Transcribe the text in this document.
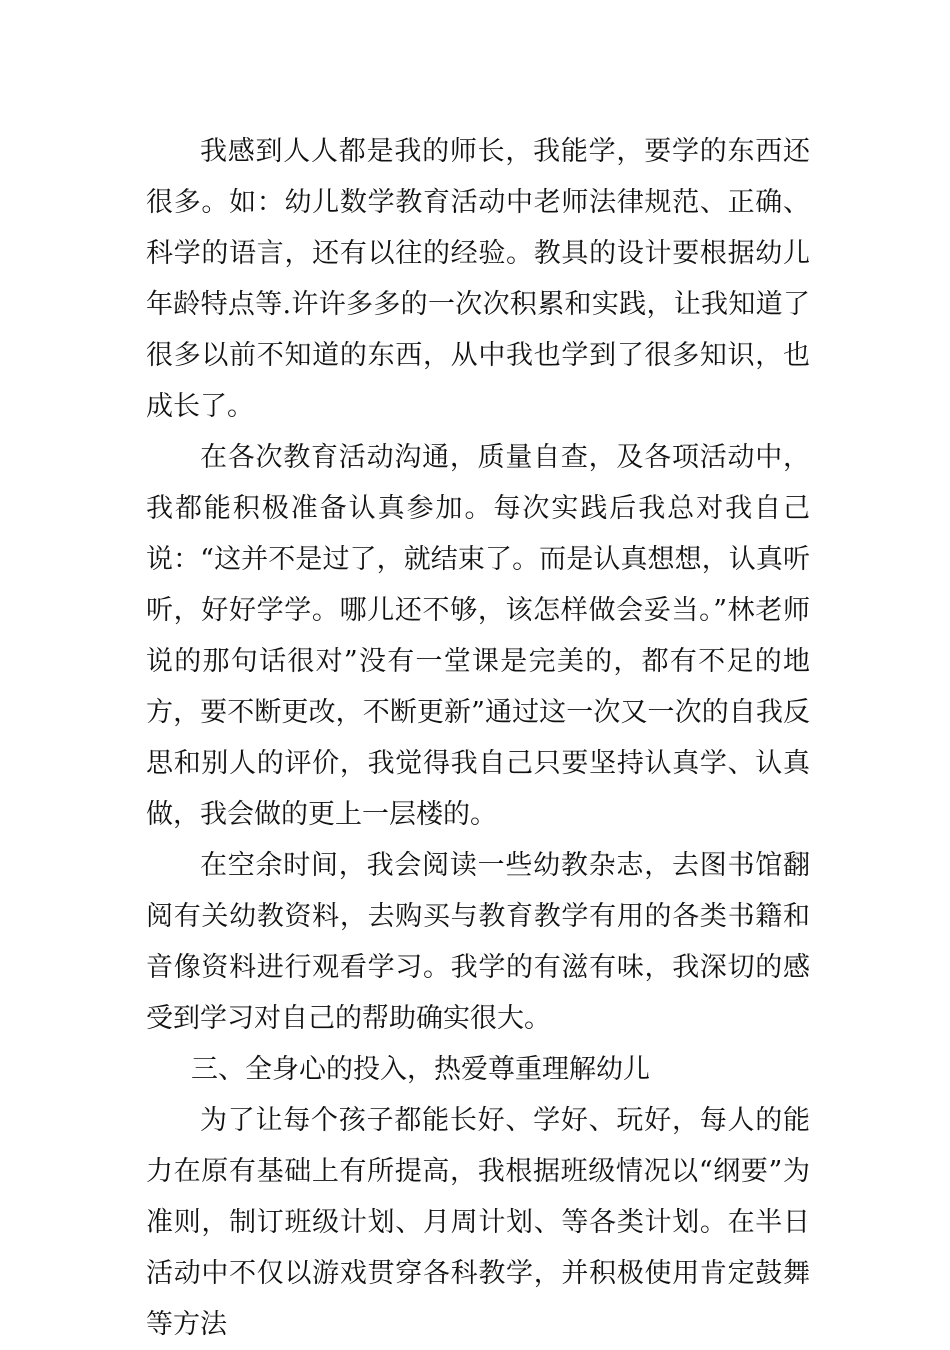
我感到人人都是我的师长，我能学，要学的东西还很多。如：幼儿数学教育活动中老师法律规范、正确、科学的语言，还有以往的经验。教具的设计要根据幼儿年龄特点等.许许多多的一次次积累和实践，让我知道了很多以前不知道的东西，从中我也学到了很多知识，也成长了。

在各次教育活动沟通，质量自查，及各项活动中，我都能积极准备认真参加。每次实践后我总对我自己说：“这并不是过了，就结束了。而是认真想想，认真听听，好好学学。哪儿还不够，该怎样做会妥当。”林老师说的那句话很对”没有一堂课是完美的，都有不足的地方，要不断更改，不断更新”通过这一次又一次的自我反思和别人的评价，我觉得我自己只要坚持认真学、认真做，我会做的更上一层楼的。

在空余时间，我会阅读一些幼教杂志，去图书馆翻阅有关幼教资料，去购买与教育教学有用的各类书籍和音像资料进行观看学习。我学的有滋有味，我深切的感受到学习对自己的帮助确实很大。

三、全身心的投入，热爱尊重理解幼儿

为了让每个孩子都能长好、学好、玩好，每人的能力在原有基础上有所提高，我根据班级情况以“纲要”为准则，制订班级计划、月周计划、等各类计划。在半日活动中不仅以游戏贯穿各科教学，并积极使用肯定鼓舞等方法
